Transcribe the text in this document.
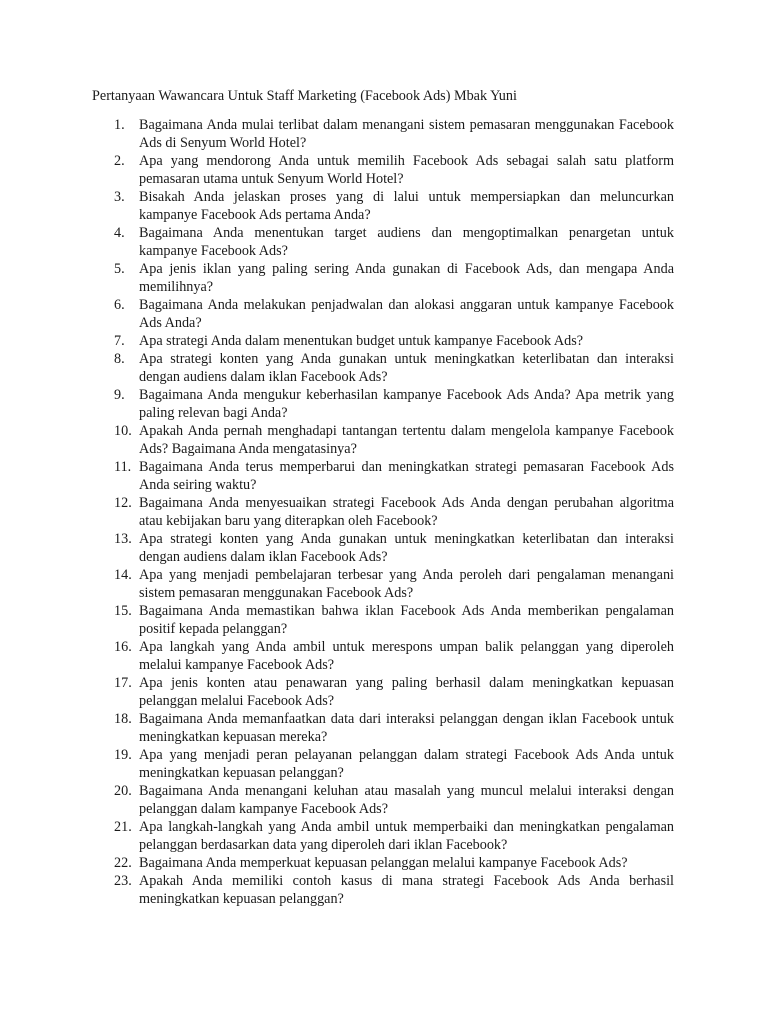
Pertanyaan Wawancara Untuk Staff Marketing (Facebook Ads) Mbak Yuni
1.	Bagaimana Anda mulai terlibat dalam menangani sistem pemasaran menggunakan Facebook Ads di Senyum World Hotel?
2.	Apa yang mendorong Anda untuk memilih Facebook Ads sebagai salah satu platform pemasaran utama untuk Senyum World Hotel?
3.	Bisakah Anda jelaskan proses yang di lalui untuk mempersiapkan dan meluncurkan kampanye Facebook Ads pertama Anda?
4.	Bagaimana Anda menentukan target audiens dan mengoptimalkan penargetan untuk kampanye Facebook Ads?
5.	Apa jenis iklan yang paling sering Anda gunakan di Facebook Ads, dan mengapa Anda memilihnya?
6.	Bagaimana Anda melakukan penjadwalan dan alokasi anggaran untuk kampanye Facebook Ads Anda?
7.	Apa strategi Anda dalam menentukan budget untuk kampanye Facebook Ads?
8.	Apa strategi konten yang Anda gunakan untuk meningkatkan keterlibatan dan interaksi dengan audiens dalam iklan Facebook Ads?
9.	Bagaimana Anda mengukur keberhasilan kampanye Facebook Ads Anda? Apa metrik yang paling relevan bagi Anda?
10. Apakah Anda pernah menghadapi tantangan tertentu dalam mengelola kampanye Facebook Ads? Bagaimana Anda mengatasinya?
11. Bagaimana Anda terus memperbarui dan meningkatkan strategi pemasaran Facebook Ads Anda seiring waktu?
12. Bagaimana Anda menyesuaikan strategi Facebook Ads Anda dengan perubahan algoritma atau kebijakan baru yang diterapkan oleh Facebook?
13. Apa strategi konten yang Anda gunakan untuk meningkatkan keterlibatan dan interaksi dengan audiens dalam iklan Facebook Ads?
14. Apa yang menjadi pembelajaran terbesar yang Anda peroleh dari pengalaman menangani sistem pemasaran menggunakan Facebook Ads?
15. Bagaimana Anda memastikan bahwa iklan Facebook Ads Anda memberikan pengalaman positif kepada pelanggan?
16. Apa langkah yang Anda ambil untuk merespons umpan balik pelanggan yang diperoleh melalui kampanye Facebook Ads?
17. Apa jenis konten atau penawaran yang paling berhasil dalam meningkatkan kepuasan pelanggan melalui Facebook Ads?
18. Bagaimana Anda memanfaatkan data dari interaksi pelanggan dengan iklan Facebook untuk meningkatkan kepuasan mereka?
19. Apa yang menjadi peran pelayanan pelanggan dalam strategi Facebook Ads Anda untuk meningkatkan kepuasan pelanggan?
20. Bagaimana Anda menangani keluhan atau masalah yang muncul melalui interaksi dengan pelanggan dalam kampanye Facebook Ads?
21. Apa langkah-langkah yang Anda ambil untuk memperbaiki dan meningkatkan pengalaman pelanggan berdasarkan data yang diperoleh dari iklan Facebook?
22. Bagaimana Anda memperkuat kepuasan pelanggan melalui kampanye Facebook Ads?
23. Apakah Anda memiliki contoh kasus di mana strategi Facebook Ads Anda berhasil meningkatkan kepuasan pelanggan?
